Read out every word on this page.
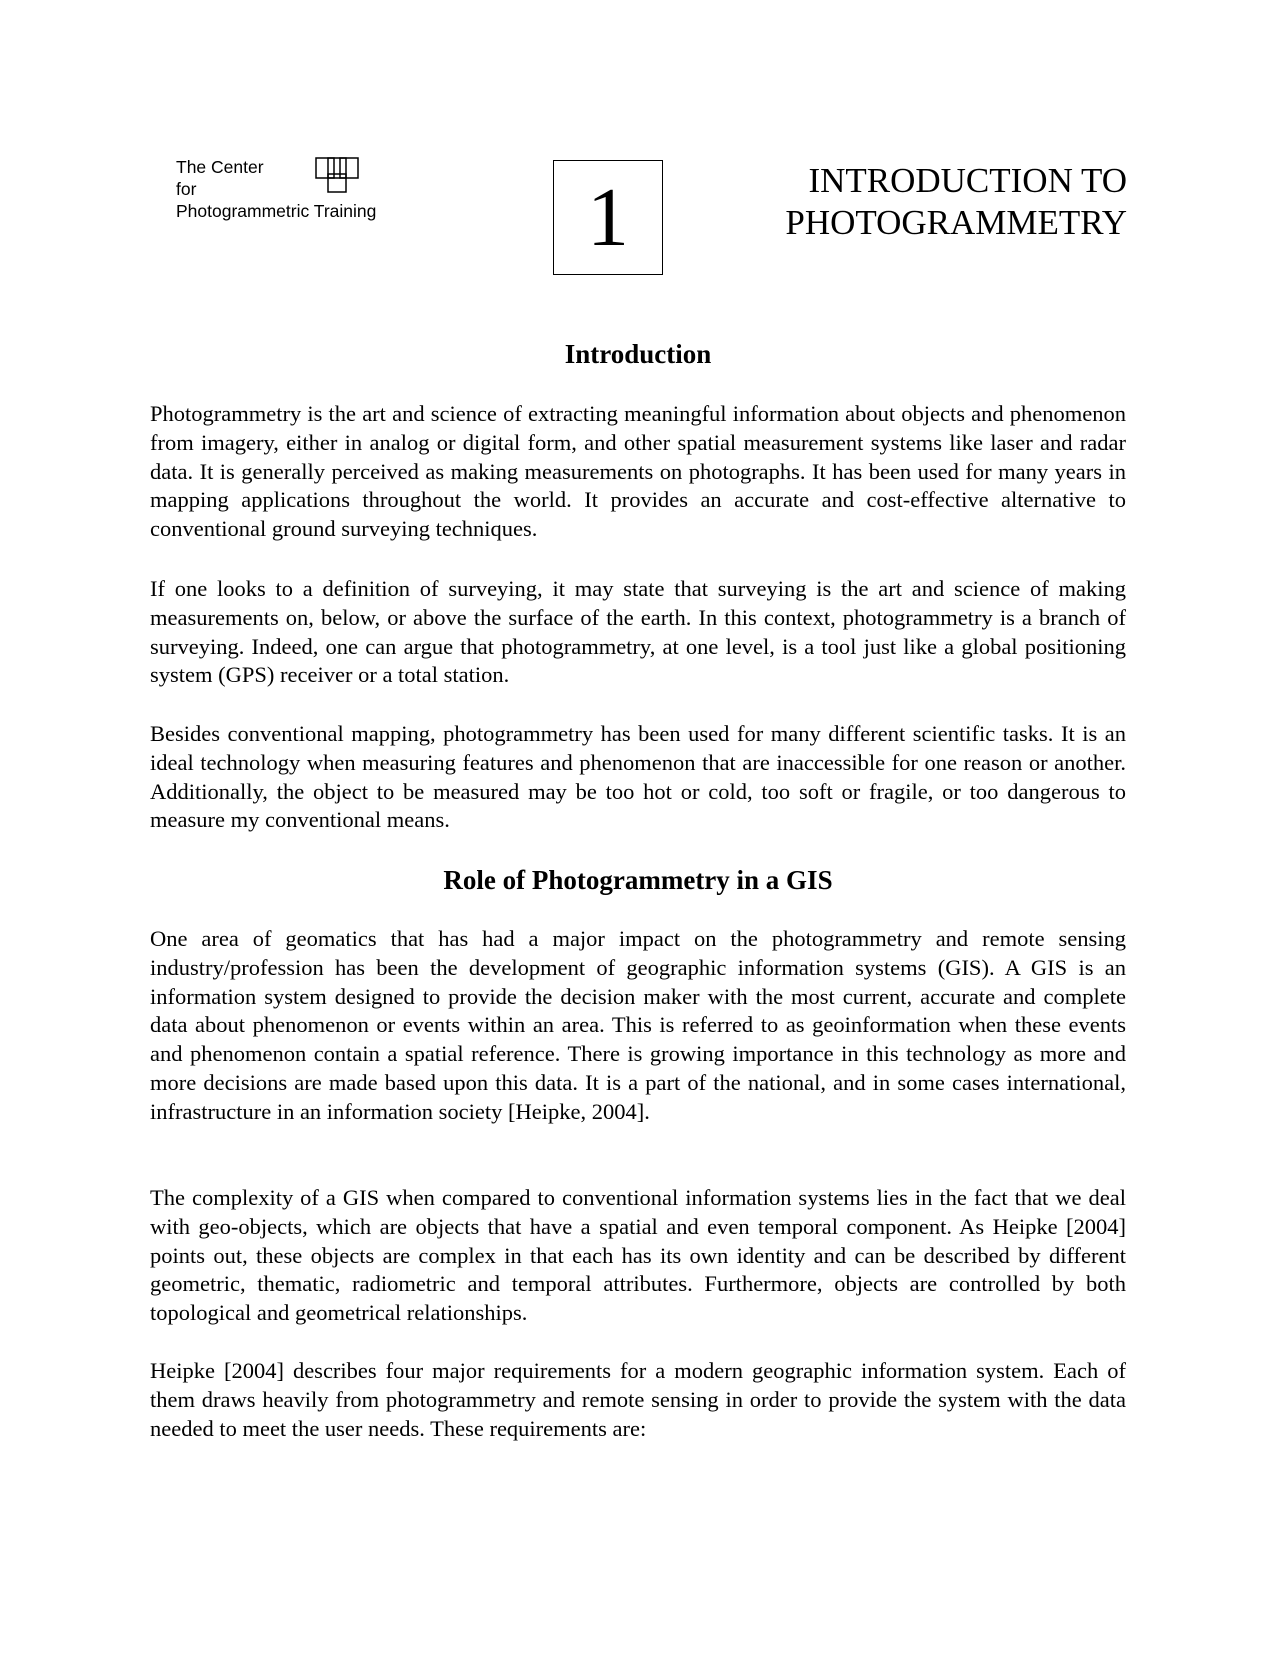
The Center
for
Photogrammetric Training	1	INTRODUCTION TO
PHOTOGRAMMETRY
Introduction

Photogrammetry is the art and science of extracting meaningful information about objects and phenomenon from imagery, either in analog or digital form, and other spatial measurement systems like laser and radar data. It is generally perceived as making measurements on photographs. It has been used for many years in mapping applications throughout the world. It provides an accurate and cost-effective alternative to conventional ground surveying techniques.

If one looks to a definition of surveying, it may state that surveying is the art and science of making measurements on, below, or above the surface of the earth. In this context, photogrammetry is a branch of surveying. Indeed, one can argue that photogrammetry, at one level, is a tool just like a global positioning system (GPS) receiver or a total station.

Besides conventional mapping, photogrammetry has been used for many different scientific tasks. It is an ideal technology when measuring features and phenomenon that are inaccessible for one reason or another. Additionally, the object to be measured may be too hot or cold, too soft or fragile, or too dangerous to measure my conventional means.

Role of Photogrammetry in a GIS

One area of geomatics that has had a major impact on the photogrammetry and remote sensing industry/profession has been the development of geographic information systems (GIS). A GIS is an information system designed to provide the decision maker with the most current, accurate and complete data about phenomenon or events within an area. This is referred to as geoinformation when these events and phenomenon contain a spatial reference. There is growing importance in this technology as more and more decisions are made based upon this data. It is a part of the national, and in some cases international, infrastructure in an information society [Heipke, 2004].

The complexity of a GIS when compared to conventional information systems lies in the fact that we deal with geo-objects, which are objects that have a spatial and even temporal component. As Heipke [2004] points out, these objects are complex in that each has its own identity and can be described by different geometric, thematic, radiometric and temporal attributes. Furthermore, objects are controlled by both topological and geometrical relationships.

Heipke [2004] describes four major requirements for a modern geographic information system. Each of them draws heavily from photogrammetry and remote sensing in order to provide the system with the data needed to meet the user needs. These requirements are:
